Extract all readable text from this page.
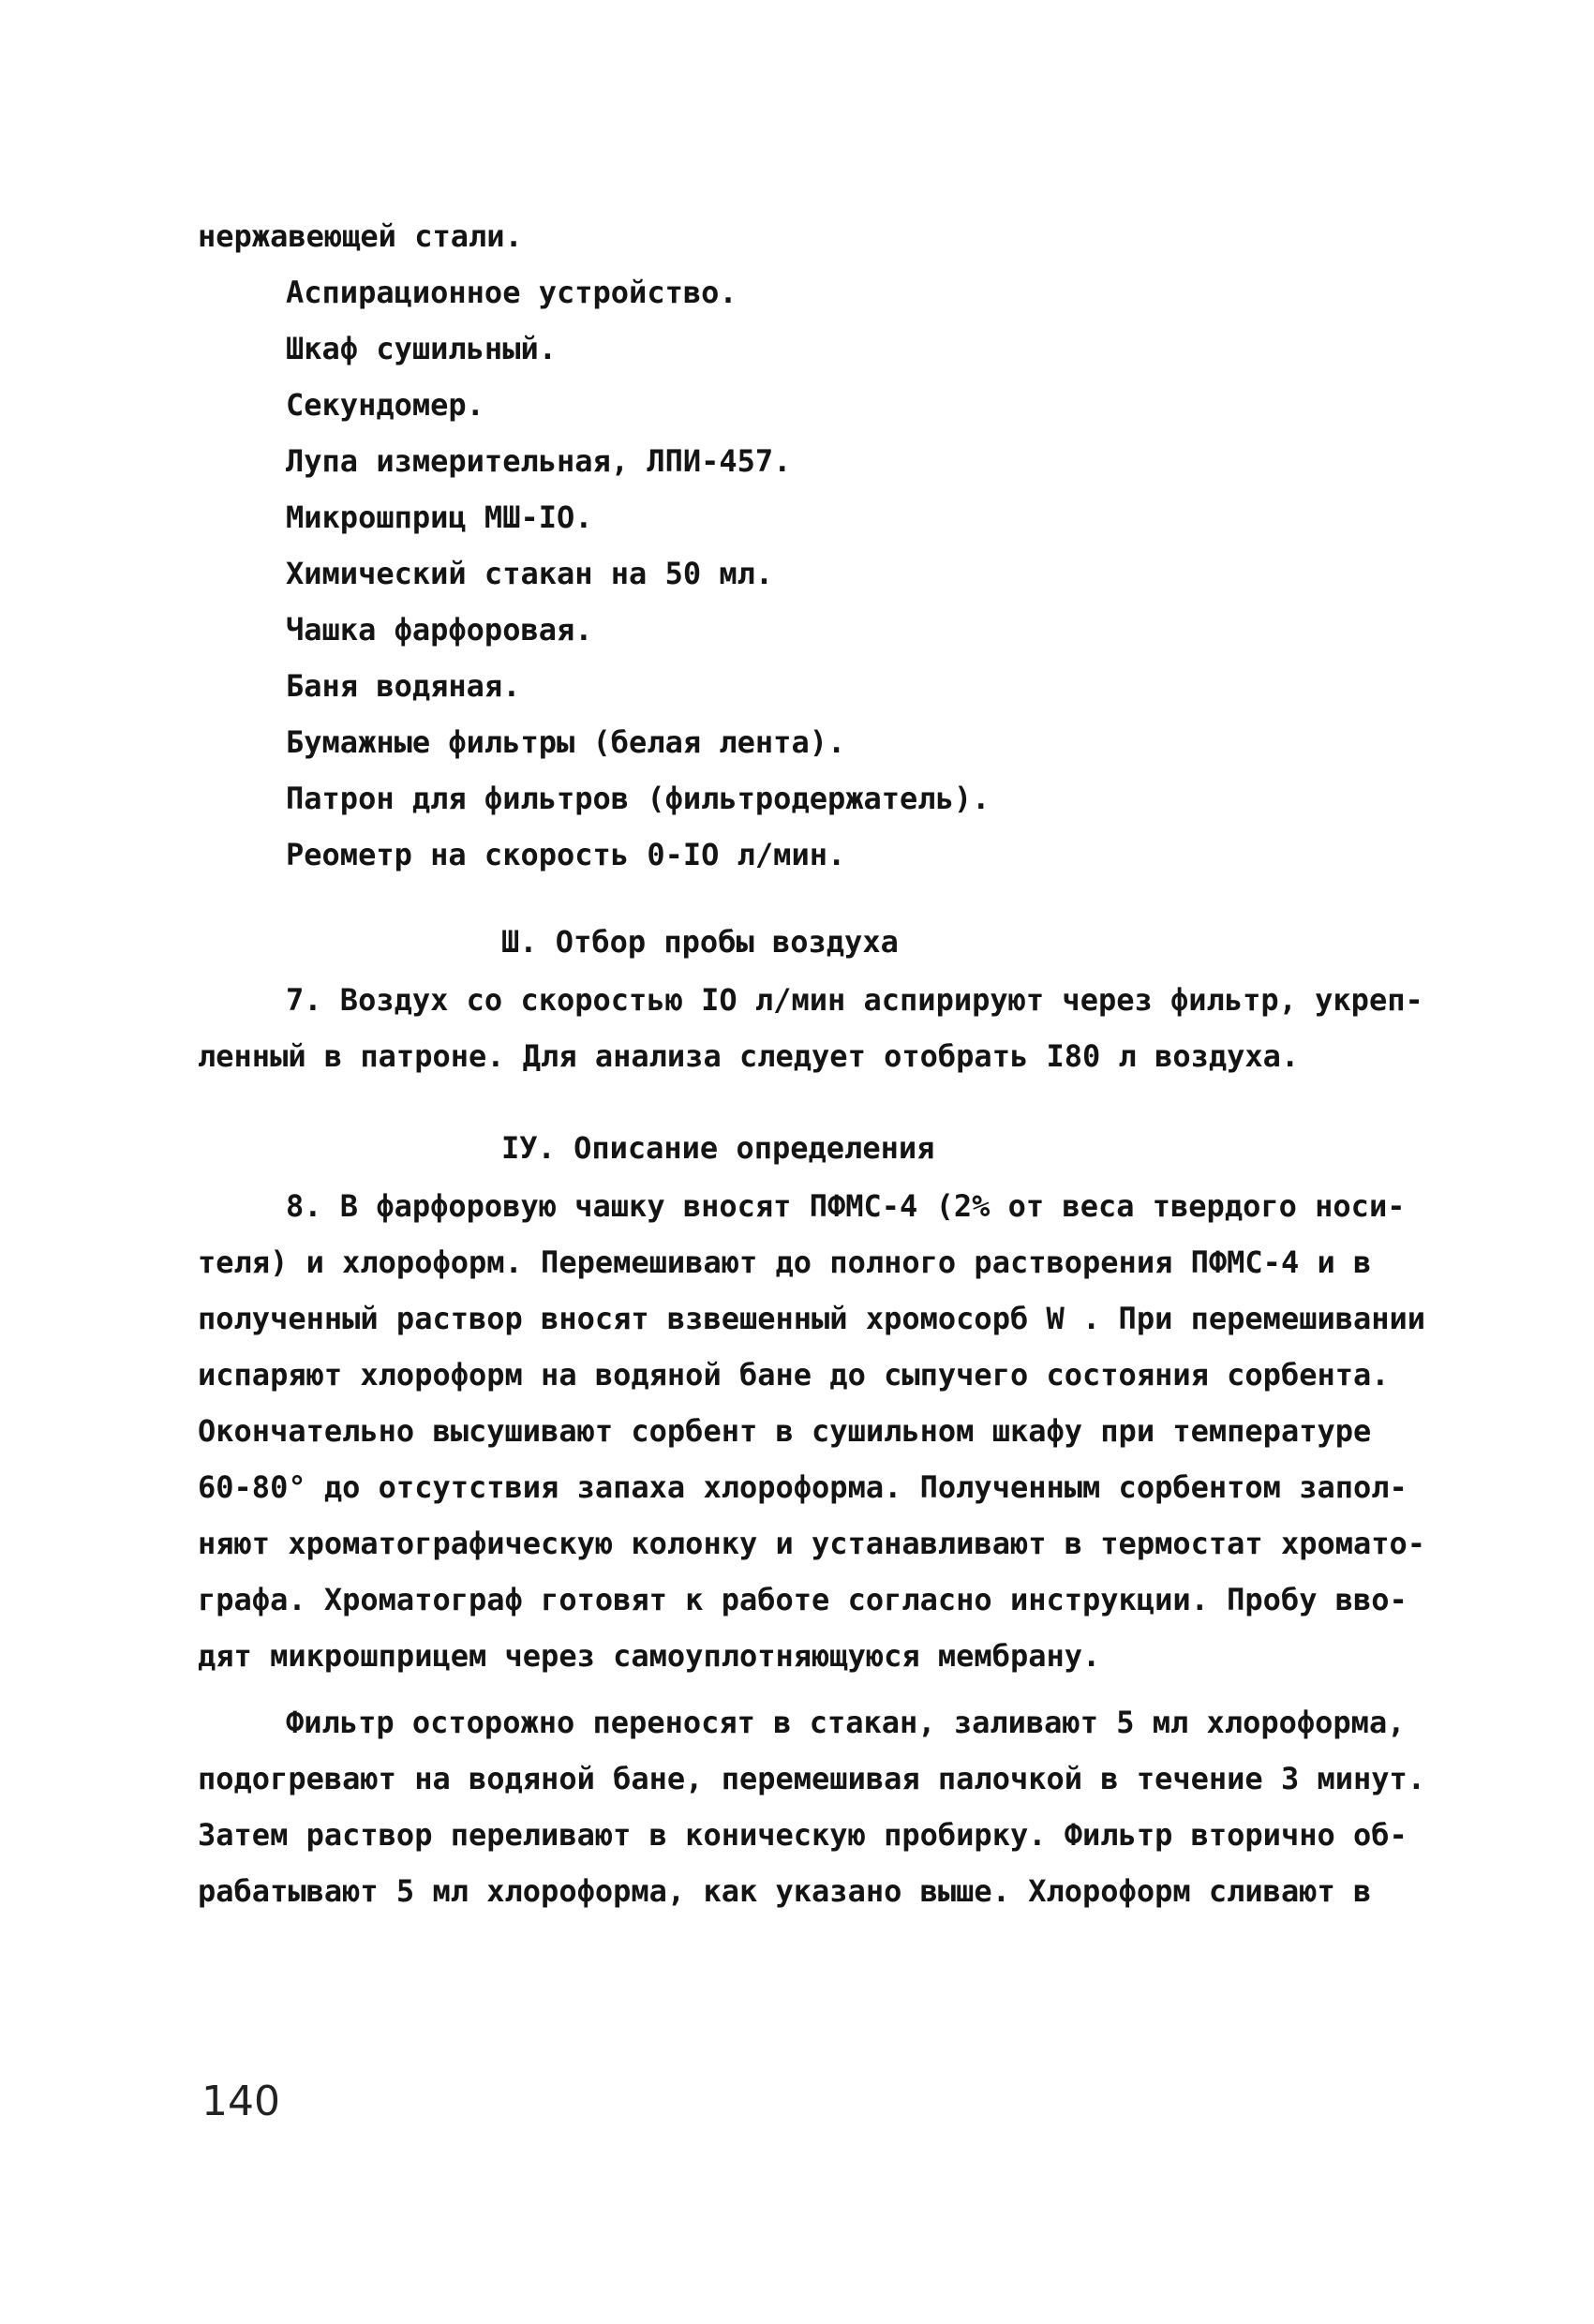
нержавеющей стали.
Аспирационное устройство.
Шкаф сушильный.
Секундомер.
Лупа измерительная, ЛПИ-457.
Микрошприц МШ-IO.
Химический стакан на 50 мл.
Чашка фарфоровая.
Баня водяная.
Бумажные фильтры (белая лента).
Патрон для фильтров (фильтродержатель).
Реометр на скорость 0-IO л/мин.
Ш. Отбор пробы воздуха
7. Воздух со скоростью IO л/мин аспирируют через фильтр, укреп-
ленный в патроне. Для анализа следует отобрать I80 л воздуха.
IУ. Описание определения
8. В фарфоровую чашку вносят ПФМС-4 (2% от веса твердого носи-
теля) и хлороформ. Перемешивают до полного растворения ПФМС-4 и в
полученный раствор вносят взвешенный хромосорб W . При перемешивании
испаряют хлороформ на водяной бане до сыпучего состояния сорбента.
Окончательно высушивают сорбент в сушильном шкафу при температуре
60-80° до отсутствия запаха хлороформа. Полученным сорбентом запол-
няют хроматографическую колонку и устанавливают в термостат хромато-
графа. Хроматограф готовят к работе согласно инструкции. Пробу вво-
дят микрошприцем через самоуплотняющуюся мембрану.
Фильтр осторожно переносят в стакан, заливают 5 мл хлороформа,
подогревают на водяной бане, перемешивая палочкой в течение 3 минут.
Затем раствор переливают в коническую пробирку. Фильтр вторично об-
рабатывают 5 мл хлороформа, как указано выше. Хлороформ сливают в
140
